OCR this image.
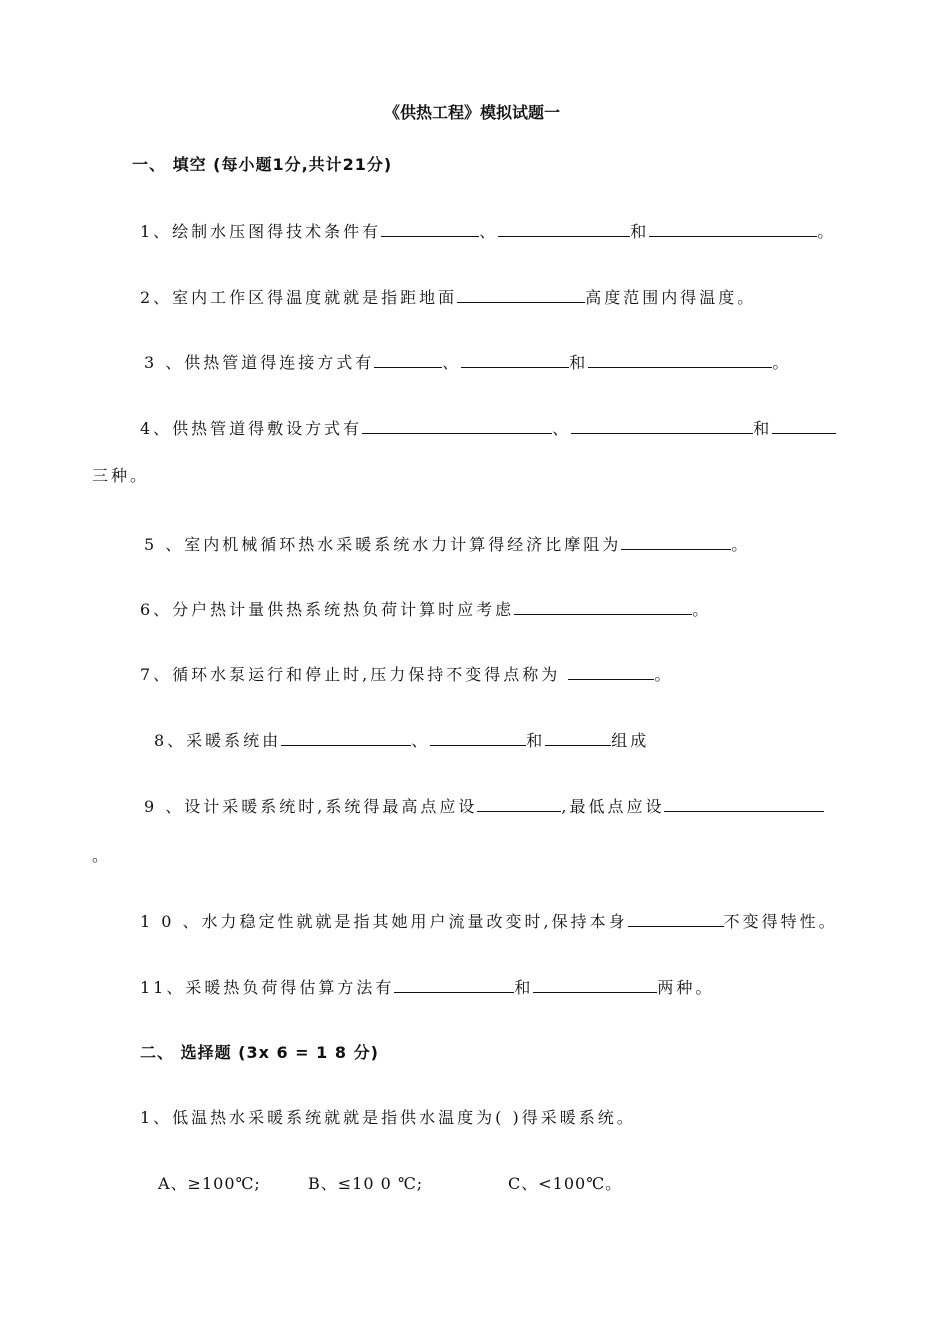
《供热工程》模拟试题一
一、 填空 (每小题1分,共计21分)
1、绘制水压图得技术条件有	、	和	。
2、室内工作区得温度就就是指距地面	高度范围内得温度。
3 、供热管道得连接方式有	、	和	。
4、供热管道得敷设方式有	、	和
三种。
5 、室内机械循环热水采暖系统水力计算得经济比摩阻为	。
6、分户热计量供热系统热负荷计算时应考虑	。
7、循环水泵运行和停止时,压力保持不变得点称为	。
8、采暖系统由	、	和	组成
9 、设计采暖系统时,系统得最高点应设	,最低点应设
。
1 0 、水力稳定性就就是指其她用户流量改变时,保持本身	不变得特性。
11、采暖热负荷得估算方法有	和	两种。
二、 选择题 (3x 6 = 1 8 分)
1、低温热水采暖系统就就是指供水温度为( )得采暖系统。
A、≥100℃;	B、≤10 0 ℃;	C、<100℃。
